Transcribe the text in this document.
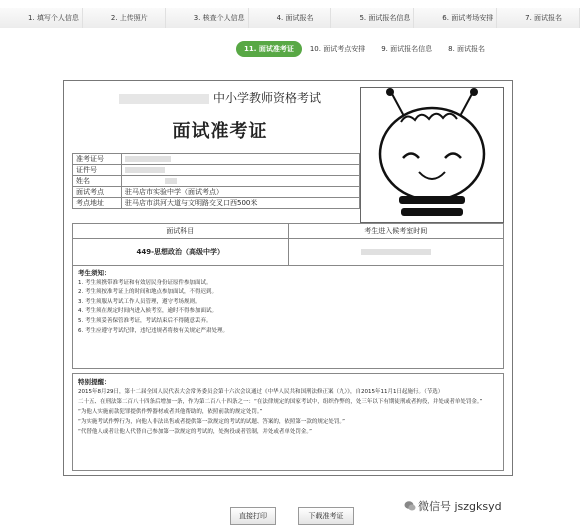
1. 填写个人信息	2. 上传照片	3. 核查个人信息	4. 面试报名	5. 面试报名信息	6. 面试考场安排	7. 面试报名
11. 面试准考证	10. 面试考点安排	9. 面试报名信息	8. 面试报名
中小学教师资格考试
面试准考证
准考证号	
证件号	
姓名	
面试考点	驻马店市实验中学（面试考点）
考点地址	驻马店市洪河大道与文明路交叉口西500米
面试科目	考生进入候考室时间
449-思想政治（高级中学）	
考生须知：
1. 考生须携带准考证和有效居民身份证原件参加面试。
2. 考生须按准考证上的时间和地点参加面试，不得迟到。
3. 考生须服从考试工作人员管理，遵守考场规则。
4. 考生须在规定时间内进入候考室，逾时不得参加面试。
5. 考生须妥善保管准考证，考试结束后不得随意丢弃。
6. 考生应遵守考试纪律，违纪违规者将按有关规定严肃处理。
特别提醒：
2015年8月29日，第十二届全国人民代表大会常务委员会第十六次会议通过《中华人民共和国刑法修正案（九）》，自2015年11月1日起施行。（节选）
二十五、在刑法第二百八十四条后增加一条，作为第二百八十四条之一：“在法律规定的国家考试中，组织作弊的，处三年以下有期徒刑或者拘役，并处或者单处罚金。”
“为他人实施前款犯罪提供作弊器材或者其他帮助的，依照前款的规定处罚。”
“为实施考试作弊行为，向他人非法出售或者提供第一款规定的考试的试题、答案的，依照第一款的规定处罚。”
“代替他人或者让他人代替自己参加第一款规定的考试的，处拘役或者管制，并处或者单处罚金。”
直接打印	下载准考证
微信号 jszgksyd
